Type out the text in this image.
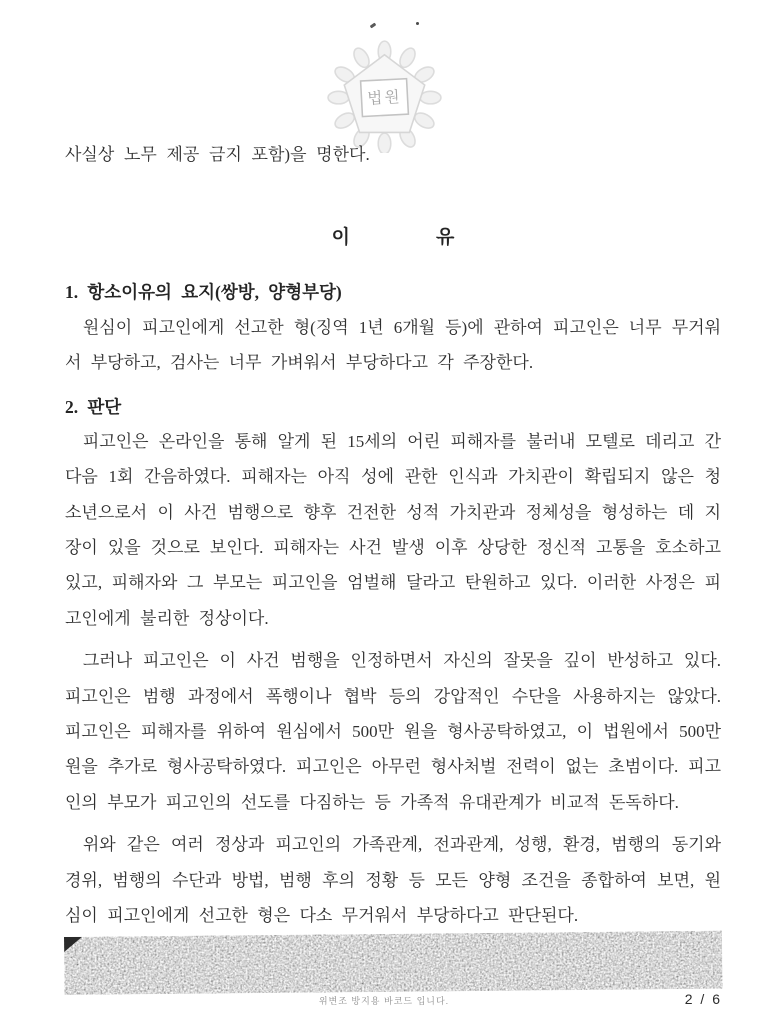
법원
사실상 노무 제공 금지 포함)을 명한다.
이        유
1. 항소이유의 요지(쌍방, 양형부당)

원심이 피고인에게 선고한 형(징역 1년 6개월 등)에 관하여 피고인은 너무 무거워서 부당하고, 검사는 너무 가벼워서 부당하다고 각 주장한다.

2. 판단

피고인은 온라인을 통해 알게 된 15세의 어린 피해자를 불러내 모텔로 데리고 간 다음 1회 간음하였다. 피해자는 아직 성에 관한 인식과 가치관이 확립되지 않은 청소년으로서 이 사건 범행으로 향후 건전한 성적 가치관과 정체성을 형성하는 데 지장이 있을 것으로 보인다. 피해자는 사건 발생 이후 상당한 정신적 고통을 호소하고 있고, 피해자와 그 부모는 피고인을 엄벌해 달라고 탄원하고 있다. 이러한 사정은 피고인에게 불리한 정상이다.

그러나 피고인은 이 사건 범행을 인정하면서 자신의 잘못을 깊이 반성하고 있다. 피고인은 범행 과정에서 폭행이나 협박 등의 강압적인 수단을 사용하지는 않았다. 피고인은 피해자를 위하여 원심에서 500만 원을 형사공탁하였고, 이 법원에서 500만 원을 추가로 형사공탁하였다. 피고인은 아무런 형사처벌 전력이 없는 초범이다. 피고인의 부모가 피고인의 선도를 다짐하는 등 가족적 유대관계가 비교적 돈독하다.

위와 같은 여러 정상과 피고인의 가족관계, 전과관계, 성행, 환경, 범행의 동기와 경위, 범행의 수단과 방법, 범행 후의 정황 등 모든 양형 조건을 종합하여 보면, 원심이 피고인에게 선고한 형은 다소 무거워서 부당하다고 판단된다.

위변조 방지용 바코드 입니다.	2 / 6
